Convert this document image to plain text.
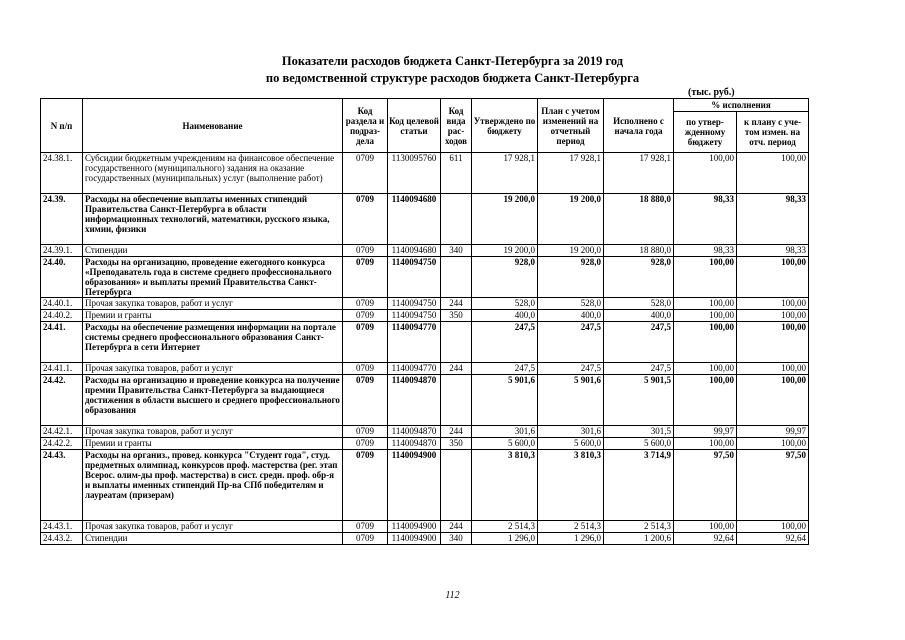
Показатели расходов бюджета Санкт-Петербурга за 2019 год
по ведомственной структуре расходов бюджета Санкт-Петербурга
(тыс. руб.)
N п/п	Наименование	Код раздела и подраз-дела	Код целевой статьи	Код вида рас-ходов	Утверждено по бюджету	План с учетом изменений на отчетный период	Исполнено с начала года	% исполнения	
								по утвер-жденному бюджету	к плану с уче-том измен. на отч. период
24.38.1.	Субсидии бюджетным учреждениям на финансовое обеспечение государственного (муниципального) задания на оказание государственных (муниципальных) услуг (выполнение работ)	0709	1130095760	611	17 928,1	17 928,1	17 928,1	100,00	100,00
24.39.	Расходы на обеспечение выплаты именных стипендий Правительства Санкт-Петербурга в области информационных технологий, математики, русского языка, химии, физики	0709	1140094680		19 200,0	19 200,0	18 880,0	98,33	98,33
24.39.1.	Стипендии	0709	1140094680	340	19 200,0	19 200,0	18 880,0	98,33	98,33
24.40.	Расходы на организацию, проведение ежегодного конкурса «Преподаватель года в системе среднего профессионального образования» и выплаты премий Правительства Санкт-Петербурга	0709	1140094750		928,0	928,0	928,0	100,00	100,00
24.40.1.	Прочая закупка товаров, работ и услуг	0709	1140094750	244	528,0	528,0	528,0	100,00	100,00
24.40.2.	Премии и гранты	0709	1140094750	350	400,0	400,0	400,0	100,00	100,00
24.41.	Расходы на обеспечение размещения информации на портале системы среднего профессионального образования Санкт-Петербурга в сети Интернет	0709	1140094770		247,5	247,5	247,5	100,00	100,00
24.41.1.	Прочая закупка товаров, работ и услуг	0709	1140094770	244	247,5	247,5	247,5	100,00	100,00
24.42.	Расходы на организацию и проведение конкурса на получение премии Правительства Санкт-Петербурга за выдающиеся достижения в области высшего и среднего профессионального образования	0709	1140094870		5 901,6	5 901,6	5 901,5	100,00	100,00
24.42.1.	Прочая закупка товаров, работ и услуг	0709	1140094870	244	301,6	301,6	301,5	99,97	99,97
24.42.2.	Премии и гранты	0709	1140094870	350	5 600,0	5 600,0	5 600,0	100,00	100,00
24.43.	Расходы на организ., провед. конкурса "Студент года", студ. предметных олимпиад, конкурсов проф. мастерства (рег. этап Всерос. олим-ды проф. мастерства) в сист. средн. проф. обр-я и выплаты именных стипендий Пр-ва СПб победителям и лауреатам (призерам)	0709	1140094900		3 810,3	3 810,3	3 714,9	97,50	97,50
24.43.1.	Прочая закупка товаров, работ и услуг	0709	1140094900	244	2 514,3	2 514,3	2 514,3	100,00	100,00
24.43.2.	Стипендии	0709	1140094900	340	1 296,0	1 296,0	1 200,6	92,64	92,64
112
